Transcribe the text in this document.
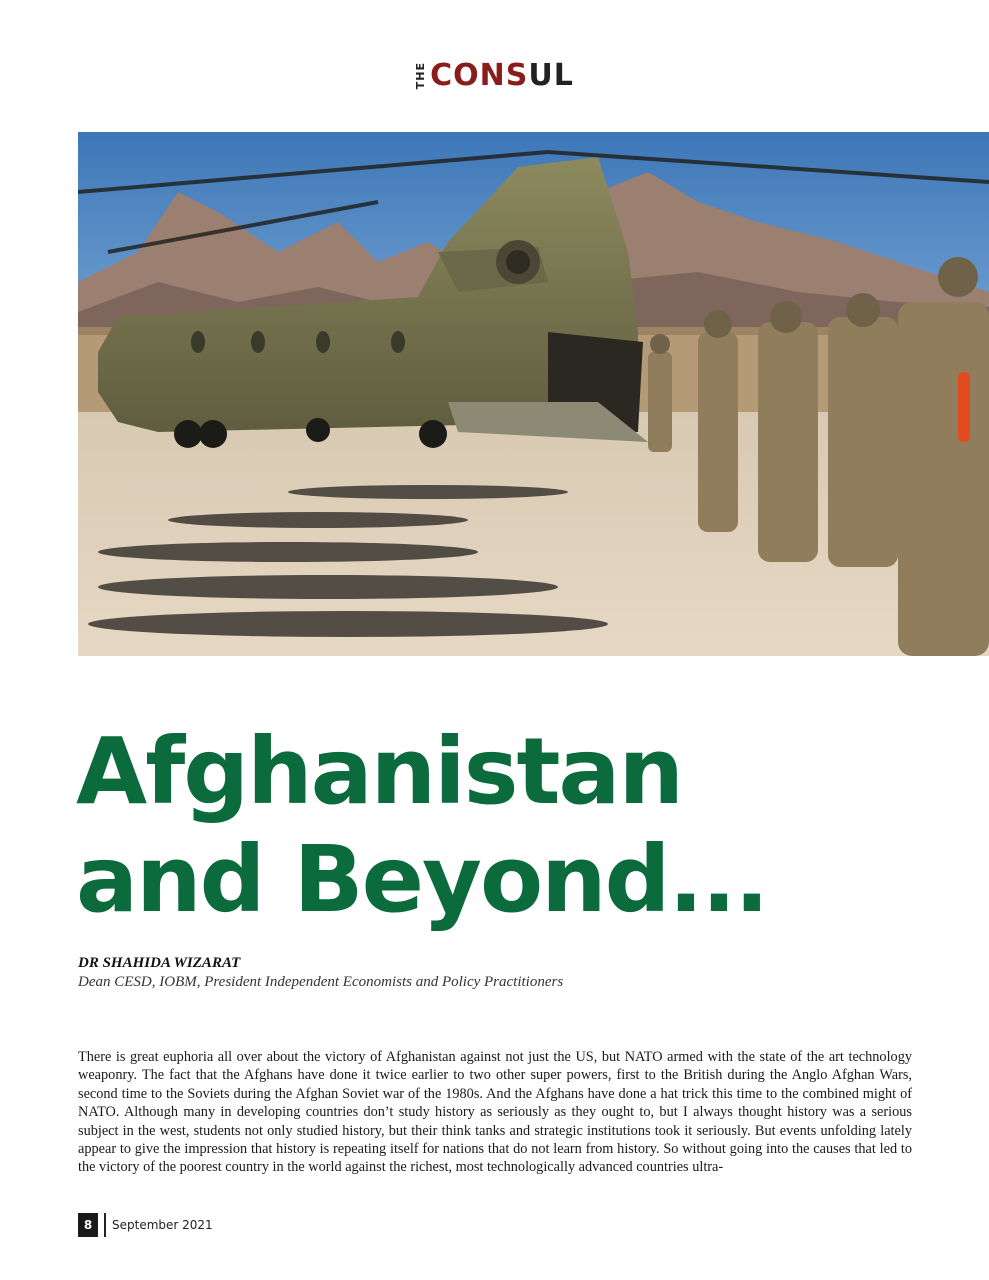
THE CONSUL
Afghanistan
and Beyond...
DR SHAHIDA WIZARAT
Dean CESD, IOBM, President Independent Economists and Policy Practitioners

There is great euphoria all over about the victory of Afghanistan against not just the US, but NATO armed with the state of the art technology weaponry. The fact that the Afghans have done it twice earlier to two other super powers, first to the British during the Anglo Afghan Wars, second time to the Soviets during the Afghan Soviet war of the 1980s. And the Afghans have done a hat trick this time to the combined might of NATO. Although many in developing countries don’t study history as seriously as they ought to, but I always thought history was a serious subject in the west, students not only studied history, but their think tanks and strategic institutions took it seriously. But events unfolding lately appear to give the impression that history is repeating itself for nations that do not learn from history. So without going into the causes that led to the victory of the poorest country in the world against the richest, most technologically advanced countries ultra-

8	September 2021
